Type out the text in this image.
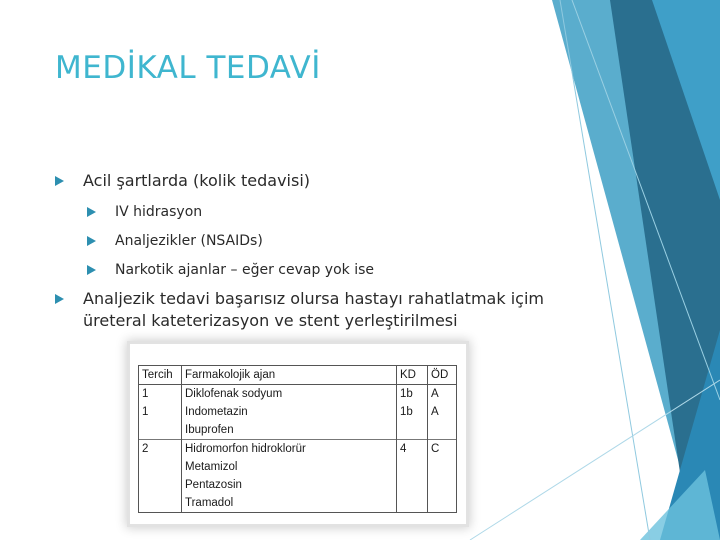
MEDİKAL TEDAVİ
Acil şartlarda (kolik tedavisi)
IV hidrasyon
Analjezikler (NSAIDs)
Narkotik ajanlar – eğer cevap yok ise
Analjezik tedavi başarısız olursa hastayı rahatlatmak içim üreteral kateterizasyon ve stent yerleştirilmesi
Tercih	Farmakolojik ajan	KD	ÖD
1	Diklofenak sodyum	1b	A
1	Indometazin	1b	A
	Ibuprofen		
2	Hidromorfon hidroklorür	4	C
	Metamizol		
	Pentazosin		
	Tramadol		
